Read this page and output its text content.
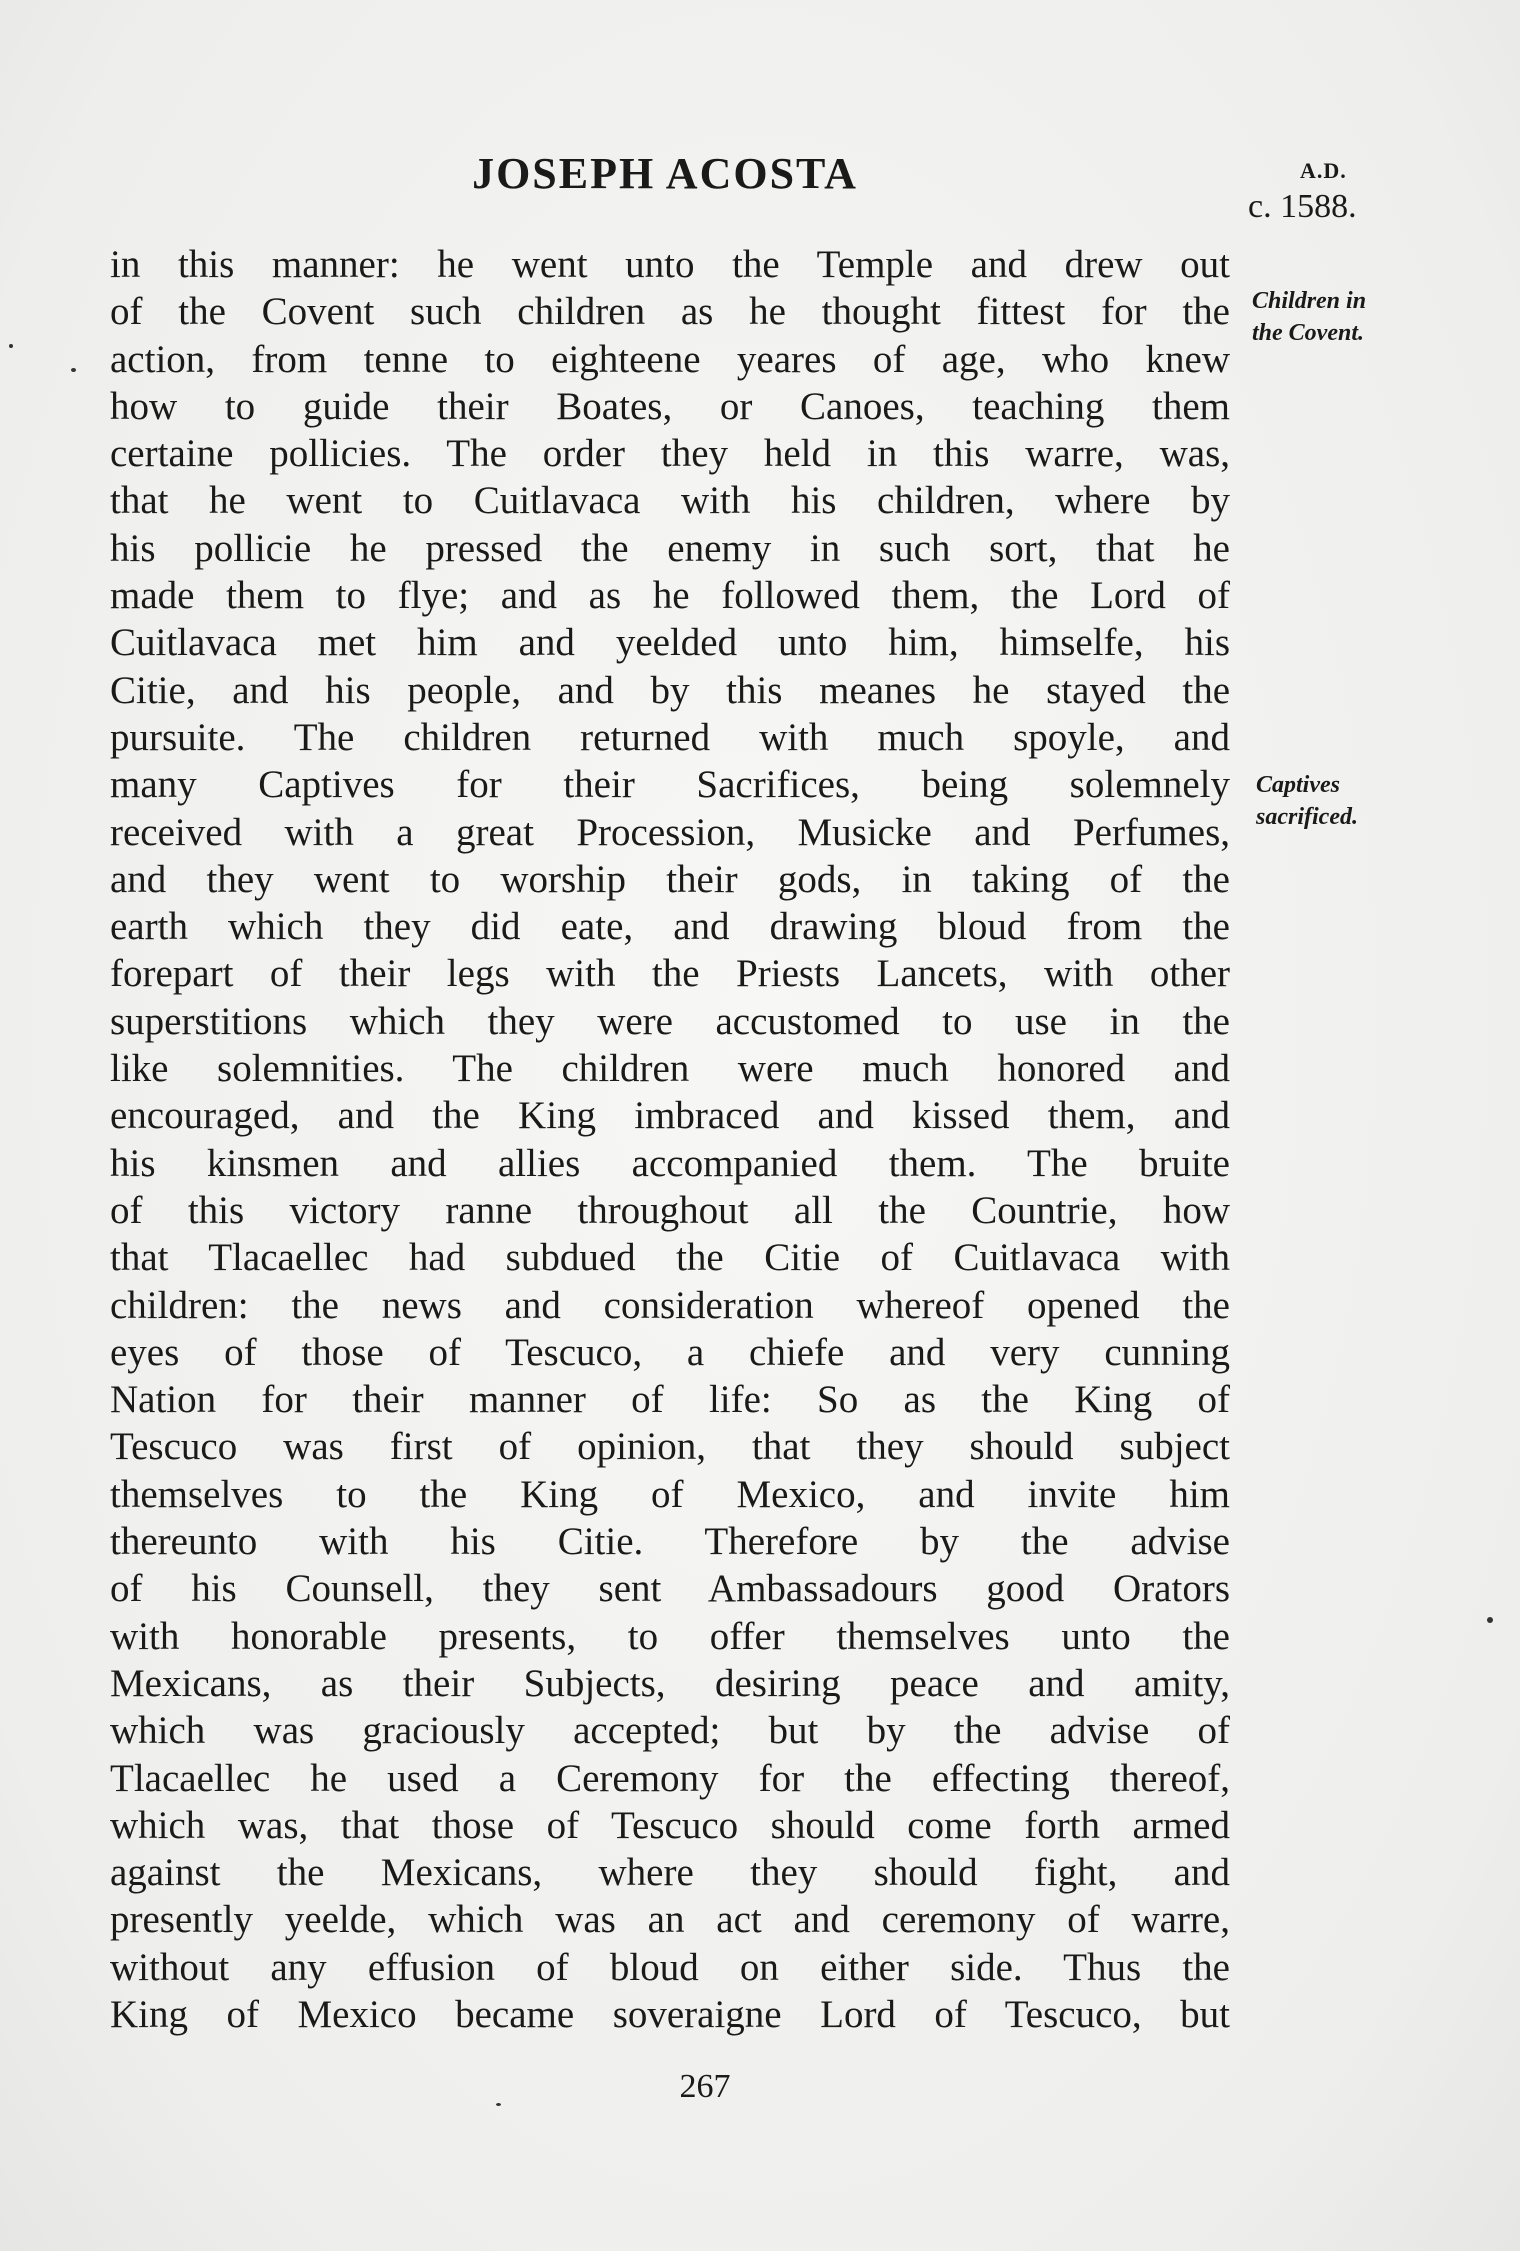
JOSEPH ACOSTA	A.D.
c. 1588.
in this manner: he went unto the Temple and drew out
of the Covent such children as he thought fittest for the
action, from tenne to eighteene yeares of age, who knew
how to guide their Boates, or Canoes, teaching them
certaine pollicies. The order they held in this warre, was,
that he went to Cuitlavaca with his children, where by
his pollicie he pressed the enemy in such sort, that he
made them to flye; and as he followed them, the Lord of
Cuitlavaca met him and yeelded unto him, himselfe, his
Citie, and his people, and by this meanes he stayed the
pursuite. The children returned with much spoyle, and
many Captives for their Sacrifices, being solemnely
received with a great Procession, Musicke and Perfumes,
and they went to worship their gods, in taking of the
earth which they did eate, and drawing bloud from the
forepart of their legs with the Priests Lancets, with other
superstitions which they were accustomed to use in the
like solemnities. The children were much honored and
encouraged, and the King imbraced and kissed them, and
his kinsmen and allies accompanied them. The bruite
of this victory ranne throughout all the Countrie, how
that Tlacaellec had subdued the Citie of Cuitlavaca with
children: the news and consideration whereof opened the
eyes of those of Tescuco, a chiefe and very cunning
Nation for their manner of life: So as the King of
Tescuco was first of opinion, that they should subject
themselves to the King of Mexico, and invite him
thereunto with his Citie. Therefore by the advise
of his Counsell, they sent Ambassadours good Orators
with honorable presents, to offer themselves unto the
Mexicans, as their Subjects, desiring peace and amity,
which was graciously accepted; but by the advise of
Tlacaellec he used a Ceremony for the effecting thereof,
which was, that those of Tescuco should come forth armed
against the Mexicans, where they should fight, and
presently yeelde, which was an act and ceremony of warre,
without any effusion of bloud on either side. Thus the
King of Mexico became soveraigne Lord of Tescuco, but
Children in
the Covent.
Captives
sacrificed.
267
